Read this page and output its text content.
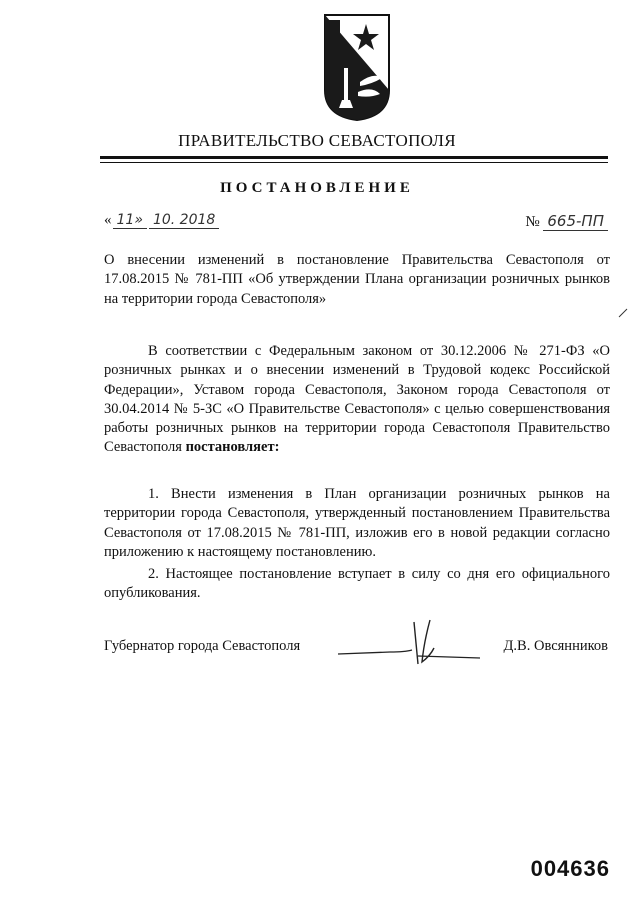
ПРАВИТЕЛЬСТВО СЕВАСТОПОЛЯ
ПОСТАНОВЛЕНИЕ
« 11» 10. 2018	№ 665-ПП
О внесении изменений в постановление Правительства Севастополя от 17.08.2015 № 781-ПП «Об утверждении Плана организации розничных рынков на территории города Севастополя»
В соответствии с Федеральным законом от 30.12.2006 № 271-ФЗ «О розничных рынках и о внесении изменений в Трудовой кодекс Российской Федерации», Уставом города Севастополя, Законом города Севастополя от 30.04.2014 № 5-ЗС «О Правительстве Севастополя» с целью совершенствования работы розничных рынков на территории города Севастополя Правительство Севастополя постановляет:
1. Внести изменения в План организации розничных рынков на территории города Севастополя, утвержденный постановлением Правительства Севастополя от 17.08.2015 № 781-ПП, изложив его в новой редакции согласно приложению к настоящему постановлению.
2. Настоящее постановление вступает в силу со дня его официального опубликования.
Губернатор города Севастополя	Д.В. Овсянников
004636
